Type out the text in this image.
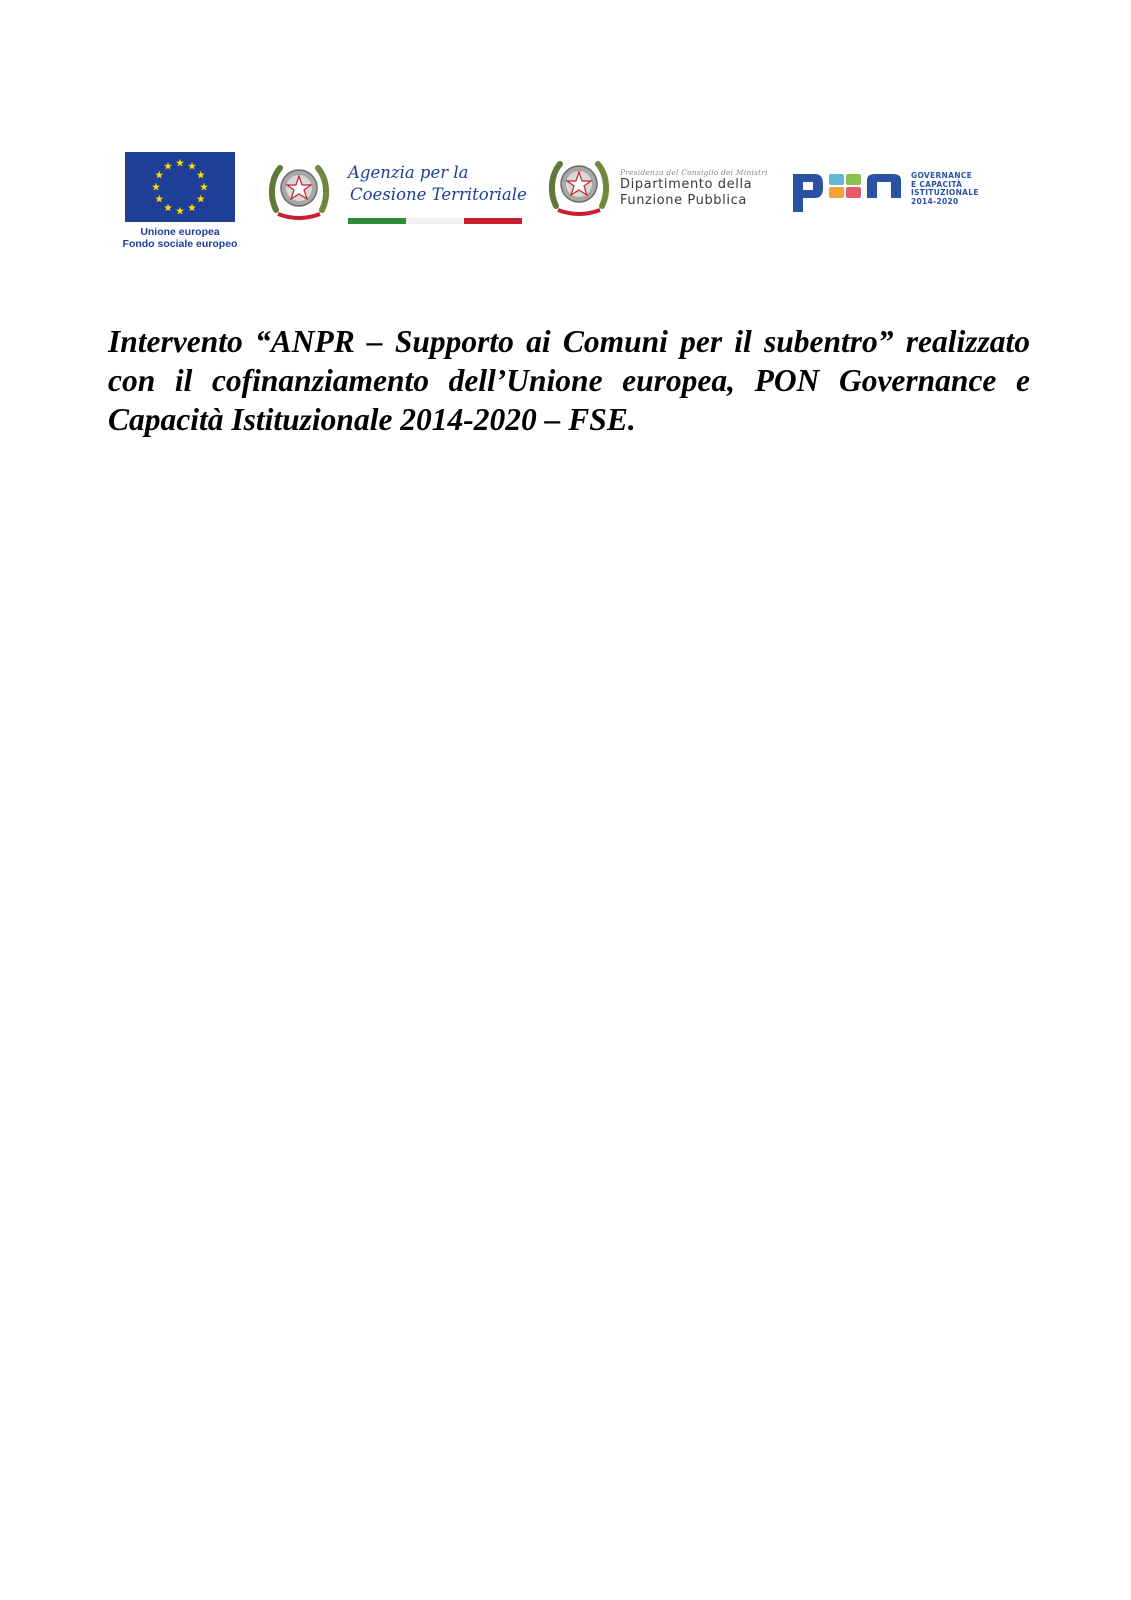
Unione europea
Fondo sociale europeo
Agenzia per la
Coesione Territoriale
Presidenza del Consiglio dei Ministri
Dipartimento della
Funzione Pubblica
GOVERNANCE
E CAPACITÀ
ISTITUZIONALE
2014-2020

Intervento “ANPR – Supporto ai Comuni per il subentro” realizzato con il cofinanziamento dell’Unione europea, PON Governance e Capacità Istituzionale 2014-2020 – FSE.
